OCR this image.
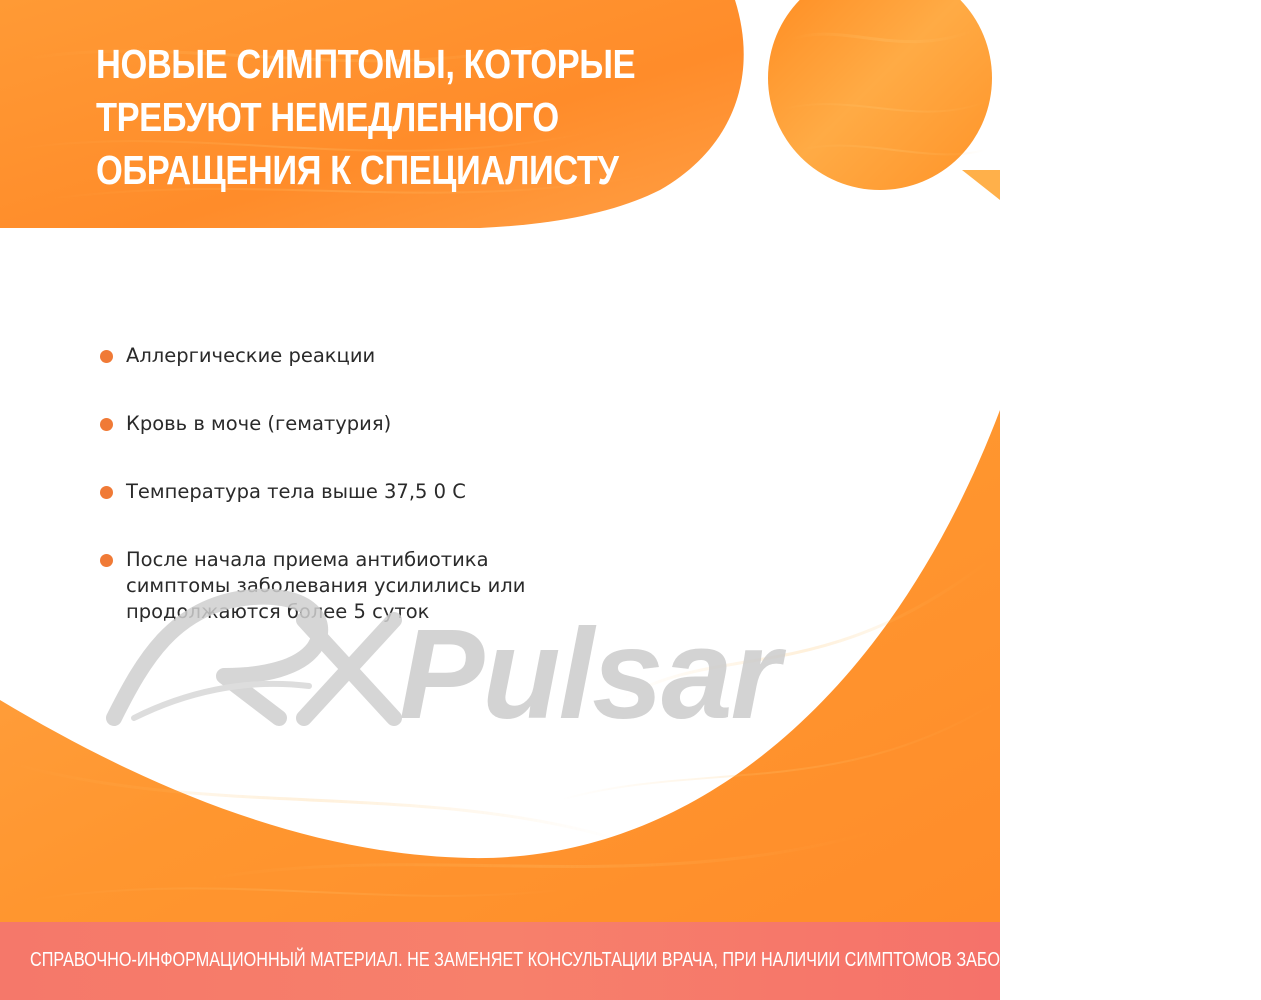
НОВЫЕ СИМПТОМЫ, КОТОРЫЕ
ТРЕБУЮТ НЕМЕДЛЕННОГО
ОБРАЩЕНИЯ К СПЕЦИАЛИСТУ
Аллергические реакции
Кровь в моче (гематурия)
Температура тела выше 37,5 0 С
После начала приема антибиотика
симптомы заболевания усилились или
продолжаются более 5 суток
Pulsar
СПРАВОЧНО-ИНФОРМАЦИОННЫЙ МАТЕРИАЛ. НЕ ЗАМЕНЯЕТ КОНСУЛЬТАЦИИ ВРАЧА, ПРИ НАЛИЧИИ СИМПТОМОВ ЗАБОЛЕВАНИЯ ОБРАТИТЕСЬ К ВРАЧУ.
